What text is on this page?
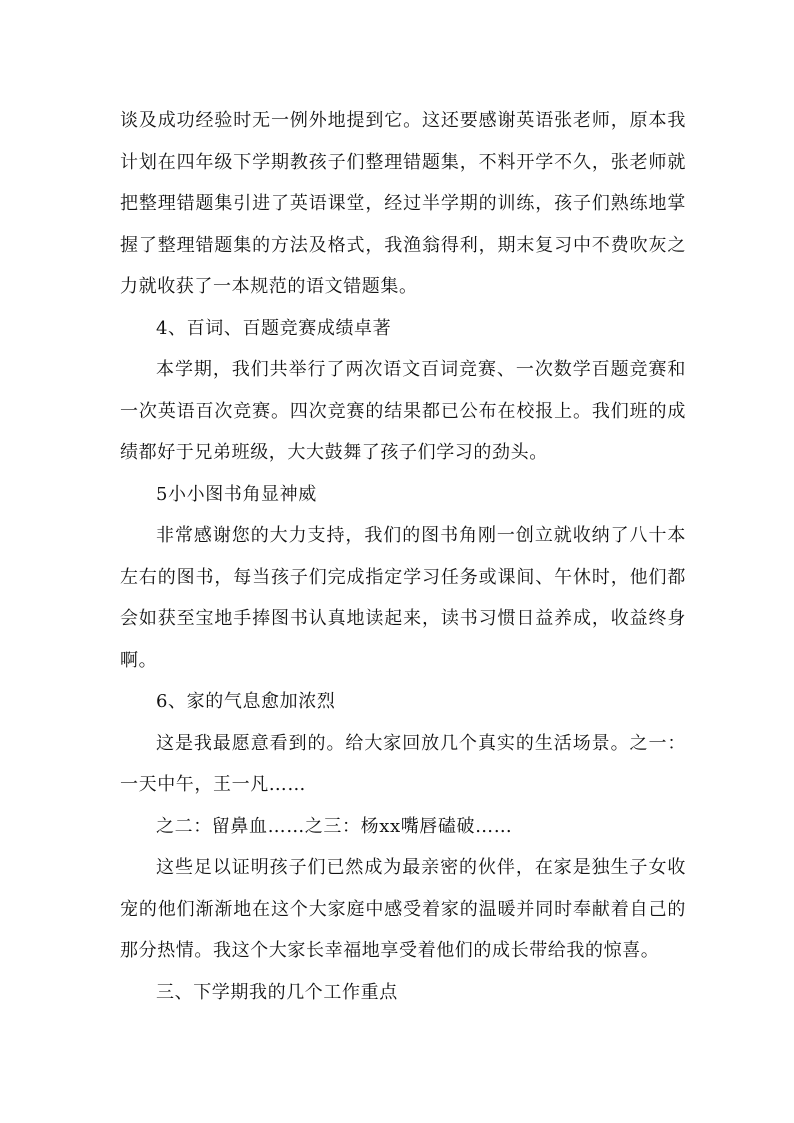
谈及成功经验时无一例外地提到它。这还要感谢英语张老师，原本我计划在四年级下学期教孩子们整理错题集，不料开学不久，张老师就把整理错题集引进了英语课堂，经过半学期的训练，孩子们熟练地掌握了整理错题集的方法及格式，我渔翁得利，期末复习中不费吹灰之力就收获了一本规范的语文错题集。

4、百词、百题竞赛成绩卓著

本学期，我们共举行了两次语文百词竞赛、一次数学百题竞赛和一次英语百次竞赛。四次竞赛的结果都已公布在校报上。我们班的成绩都好于兄弟班级，大大鼓舞了孩子们学习的劲头。

5小小图书角显神威

非常感谢您的大力支持，我们的图书角刚一创立就收纳了八十本左右的图书，每当孩子们完成指定学习任务或课间、午休时，他们都会如获至宝地手捧图书认真地读起来，读书习惯日益养成，收益终身啊。

6、家的气息愈加浓烈

这是我最愿意看到的。给大家回放几个真实的生活场景。之一：一天中午，王一凡……

之二：留鼻血……之三：杨xx嘴唇磕破……

这些足以证明孩子们已然成为最亲密的伙伴，在家是独生子女收宠的他们渐渐地在这个大家庭中感受着家的温暖并同时奉献着自己的那分热情。我这个大家长幸福地享受着他们的成长带给我的惊喜。

三、下学期我的几个工作重点
